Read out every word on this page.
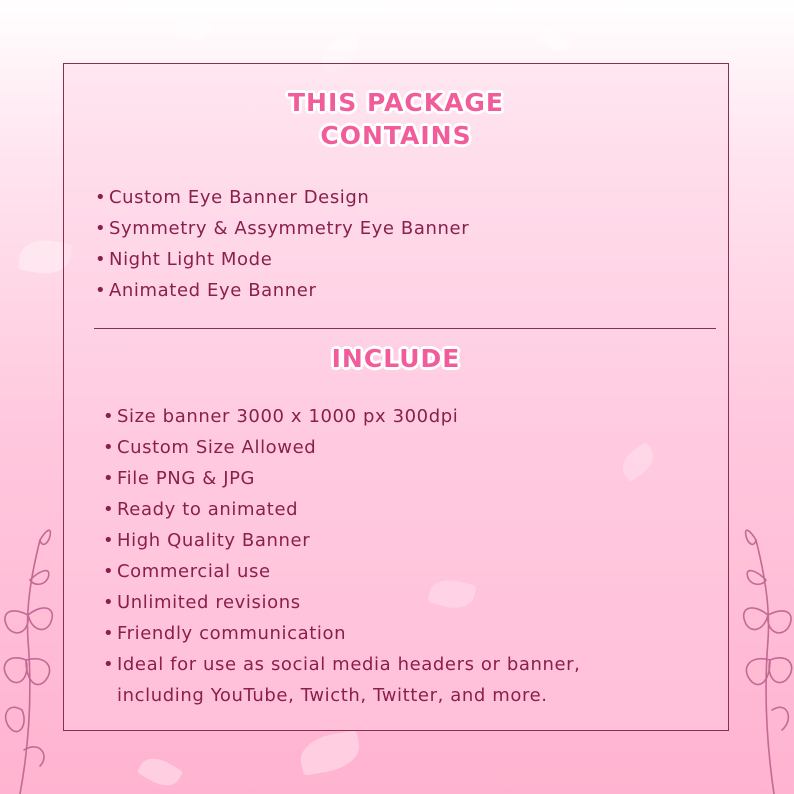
THIS PACKAGE
CONTAINS
• Custom Eye Banner Design
• Symmetry & Assymmetry Eye Banner
• Night Light Mode
• Animated Eye Banner
INCLUDE
• Size banner 3000 x 1000 px 300dpi
• Custom Size Allowed
• File PNG & JPG
• Ready to animated
• High Quality Banner
• Commercial use
• Unlimited revisions
• Friendly communication
• Ideal for use as social media headers or banner,
including YouTube, Twicth, Twitter, and more.
